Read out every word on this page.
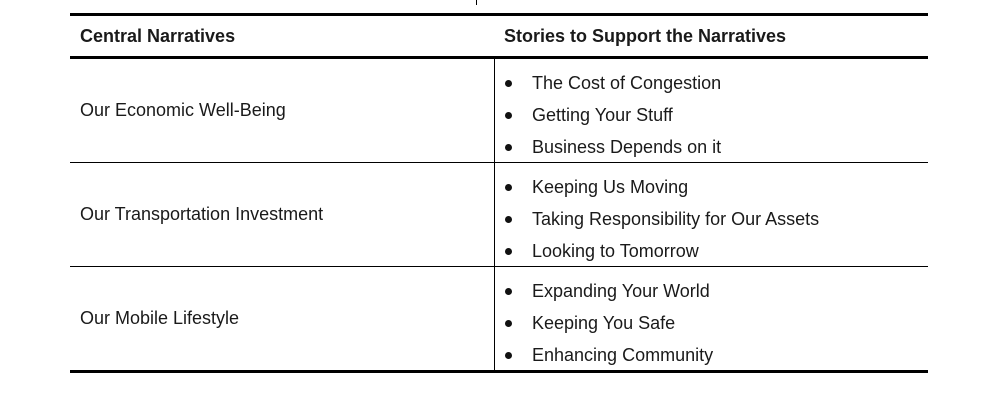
Central Narratives	Stories to Support the Narratives
Our Economic Well-Being
The Cost of Congestion
Getting Your Stuff
Business Depends on it
Our Transportation Investment
Keeping Us Moving
Taking Responsibility for Our Assets
Looking to Tomorrow
Our Mobile Lifestyle
Expanding Your World
Keeping You Safe
Enhancing Community
